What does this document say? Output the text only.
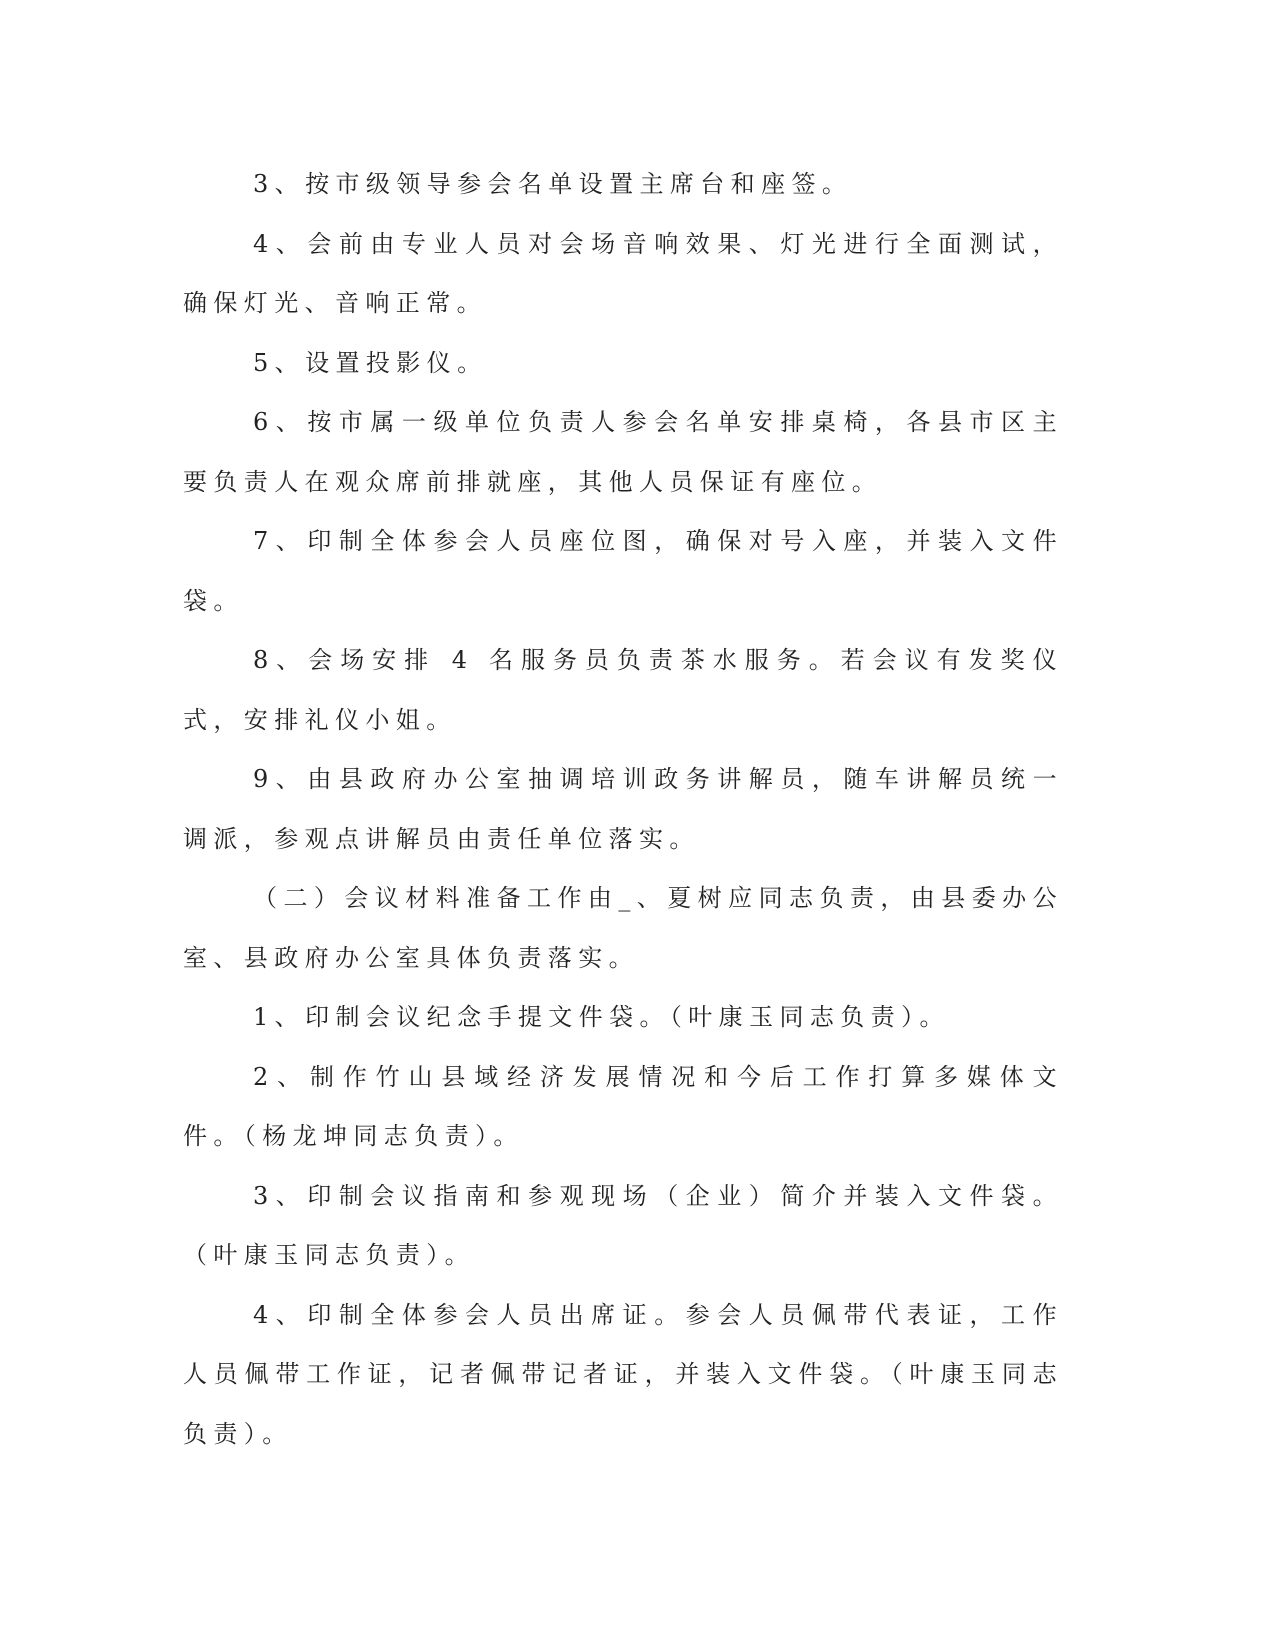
3、按市级领导参会名单设置主席台和座签。

4、会前由专业人员对会场音响效果、灯光进行全面测试，确保灯光、音响正常。

5、设置投影仪。

6、按市属一级单位负责人参会名单安排桌椅，各县市区主要负责人在观众席前排就座，其他人员保证有座位。

7、印制全体参会人员座位图，确保对号入座，并装入文件袋。

8、会场安排 4 名服务员负责茶水服务。若会议有发奖仪式，安排礼仪小姐。

9、由县政府办公室抽调培训政务讲解员，随车讲解员统一调派，参观点讲解员由责任单位落实。

（二）会议材料准备工作由_、夏树应同志负责，由县委办公室、县政府办公室具体负责落实。

1、印制会议纪念手提文件袋。（叶康玉同志负责）。

2、制作竹山县域经济发展情况和今后工作打算多媒体文件。（杨龙坤同志负责）。

3、印制会议指南和参观现场（企业）简介并装入文件袋。（叶康玉同志负责）。

4、印制全体参会人员出席证。参会人员佩带代表证，工作人员佩带工作证，记者佩带记者证，并装入文件袋。（叶康玉同志负责）。
